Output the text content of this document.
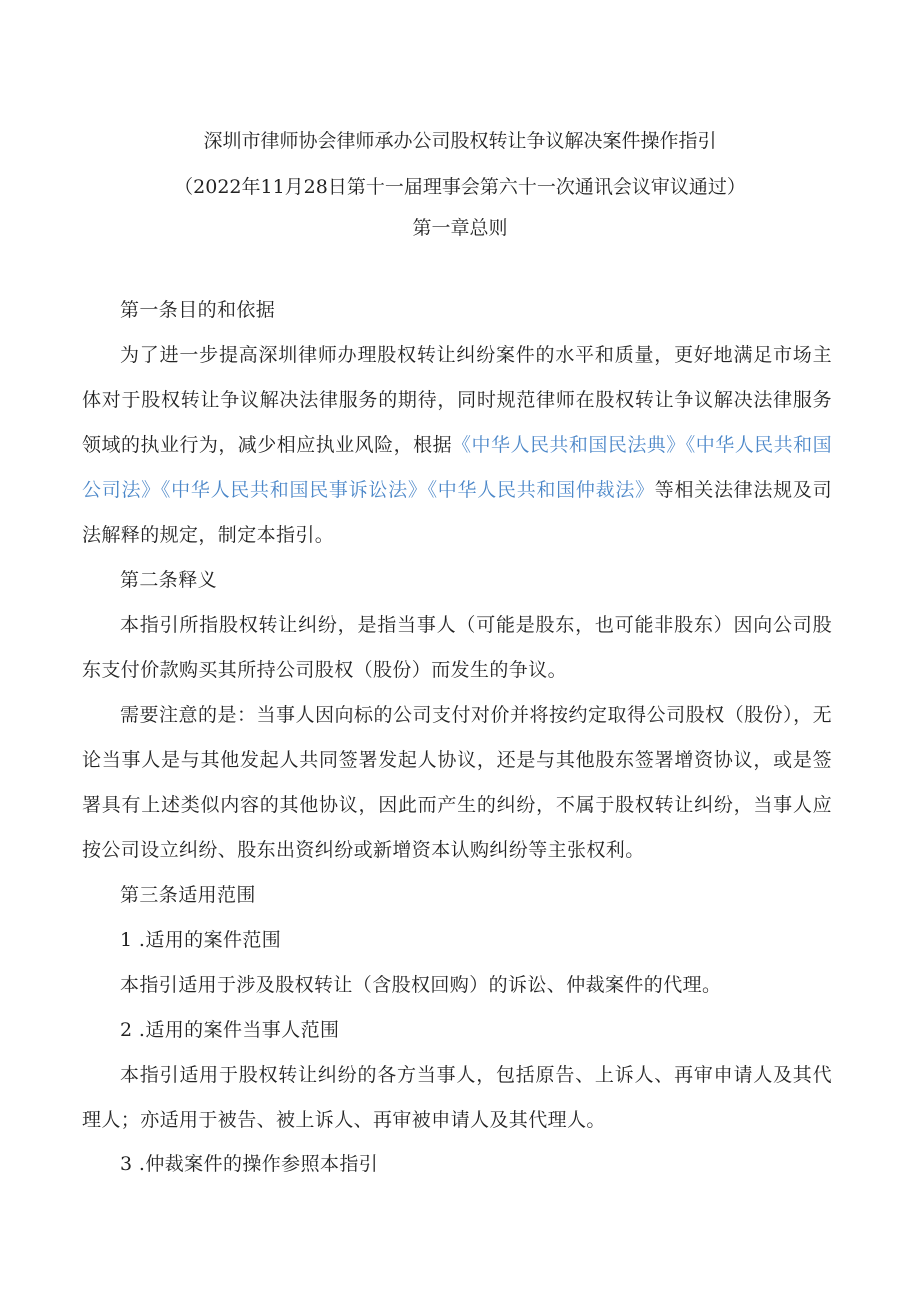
深圳市律师协会律师承办公司股权转让争议解决案件操作指引
（2022年11月28日第十一届理事会第六十一次通讯会议审议通过）
第一章总则

第一条目的和依据

为了进一步提高深圳律师办理股权转让纠纷案件的水平和质量，更好地满足市场主体对于股权转让争议解决法律服务的期待，同时规范律师在股权转让争议解决法律服务领域的执业行为，减少相应执业风险，根据《中华人民共和国民法典》《中华人民共和国公司法》《中华人民共和国民事诉讼法》《中华人民共和国仲裁法》等相关法律法规及司法解释的规定，制定本指引。

第二条释义

本指引所指股权转让纠纷，是指当事人（可能是股东，也可能非股东）因向公司股东支付价款购买其所持公司股权（股份）而发生的争议。

需要注意的是：当事人因向标的公司支付对价并将按约定取得公司股权（股份），无论当事人是与其他发起人共同签署发起人协议，还是与其他股东签署增资协议，或是签署具有上述类似内容的其他协议，因此而产生的纠纷，不属于股权转让纠纷，当事人应按公司设立纠纷、股东出资纠纷或新增资本认购纠纷等主张权利。

第三条适用范围

1 .适用的案件范围

本指引适用于涉及股权转让（含股权回购）的诉讼、仲裁案件的代理。

2 .适用的案件当事人范围

本指引适用于股权转让纠纷的各方当事人，包括原告、上诉人、再审申请人及其代理人；亦适用于被告、被上诉人、再审被申请人及其代理人。

3 .仲裁案件的操作参照本指引
